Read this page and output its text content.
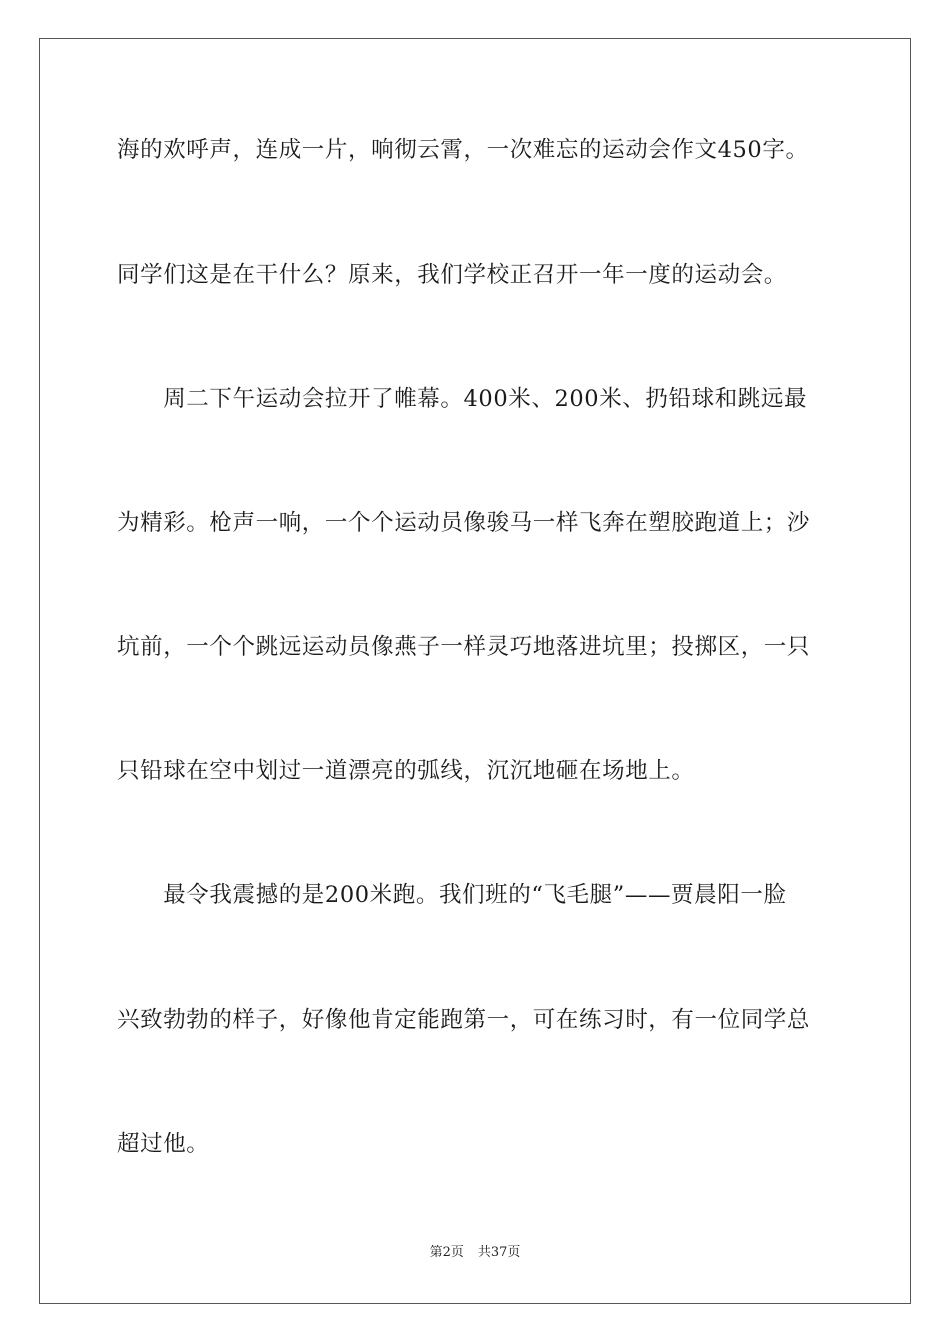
海的欢呼声，连成一片，响彻云霄，一次难忘的运动会作文450字。
同学们这是在干什么？原来，我们学校正召开一年一度的运动会。
　　周二下午运动会拉开了帷幕。400米、200米、扔铅球和跳远最
为精彩。枪声一响，一个个运动员像骏马一样飞奔在塑胶跑道上；沙
坑前，一个个跳远运动员像燕子一样灵巧地落进坑里；投掷区，一只
只铅球在空中划过一道漂亮的弧线，沉沉地砸在场地上。
　　最令我震撼的是200米跑。我们班的“飞毛腿”——贾晨阳一脸
兴致勃勃的样子，好像他肯定能跑第一，可在练习时，有一位同学总
超过他。
第2页 共37页
